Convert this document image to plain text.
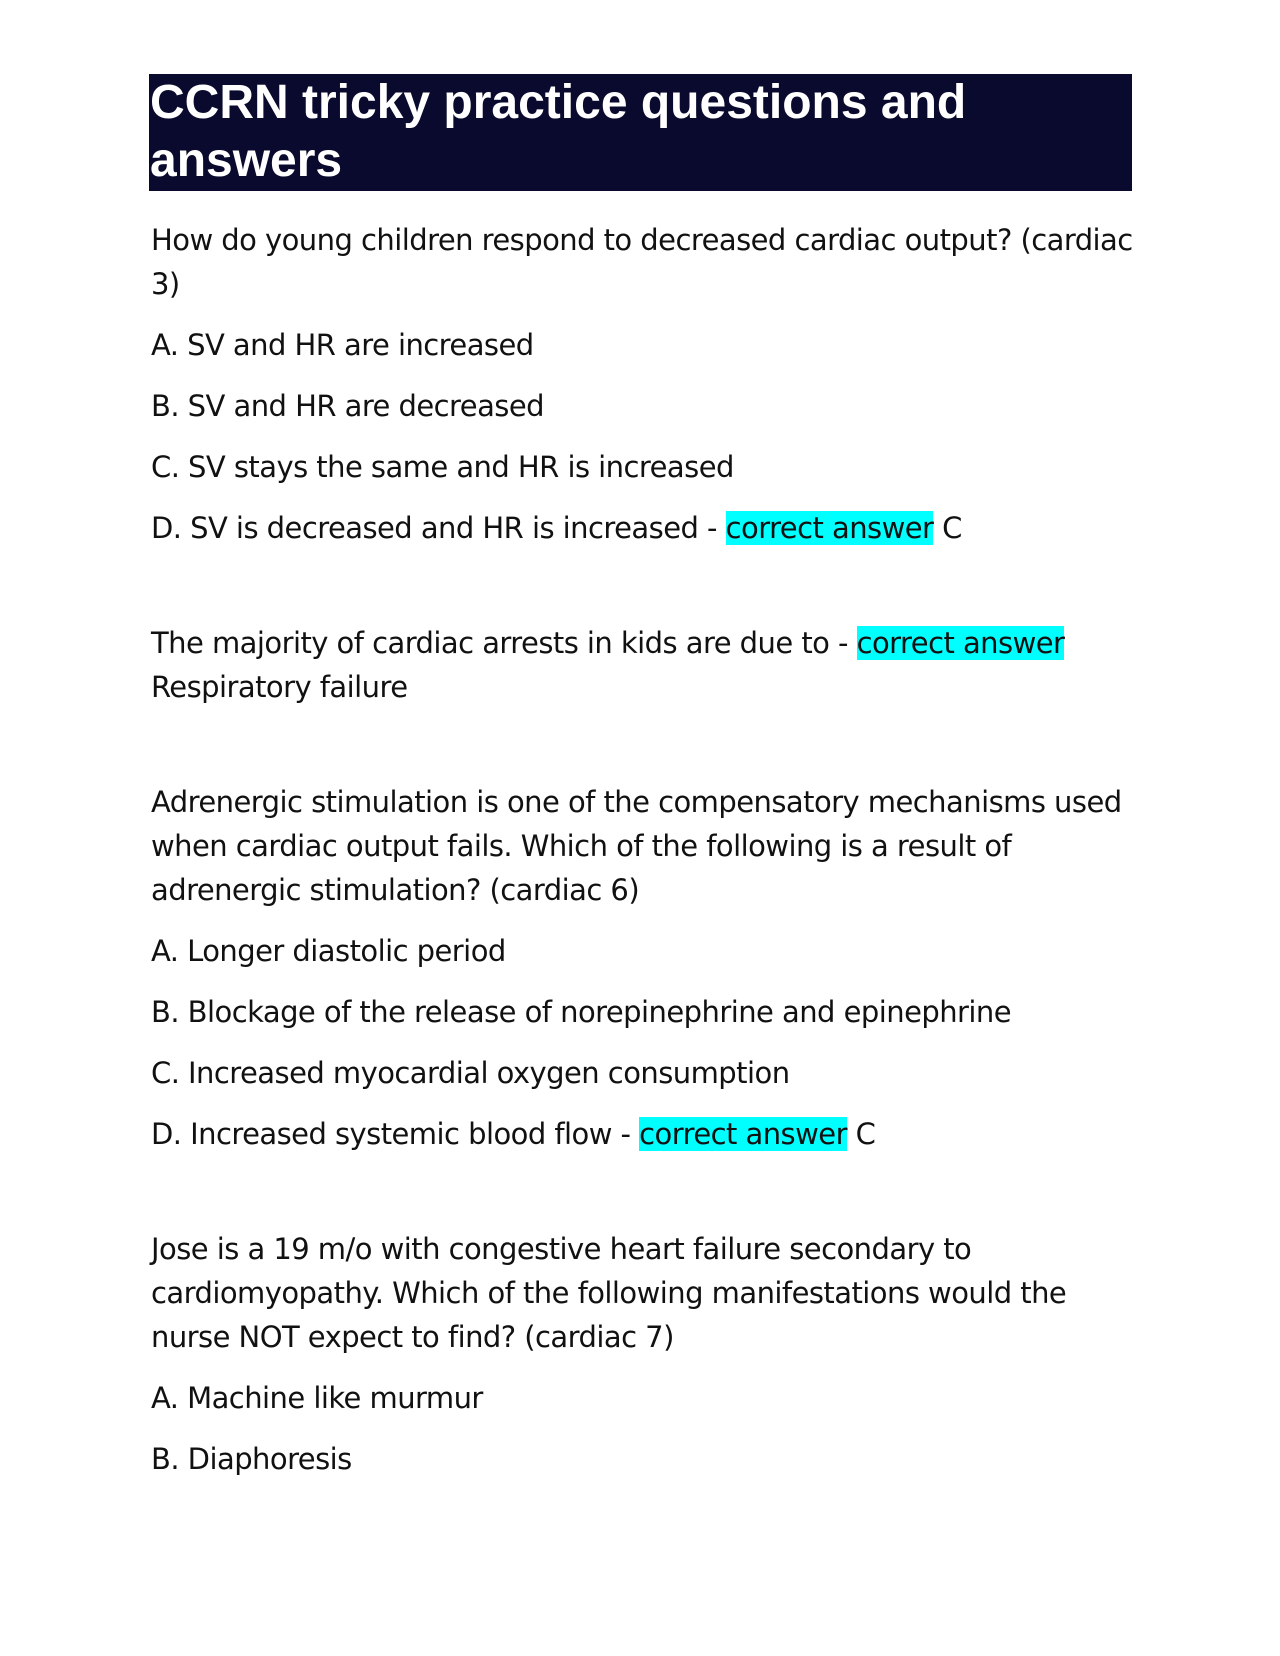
CCRN tricky practice questions and answers

How do young children respond to decreased cardiac output? (cardiac 3)

A. SV and HR are increased

B. SV and HR are decreased

C. SV stays the same and HR is increased

D. SV is decreased and HR is increased - correct answer C

The majority of cardiac arrests in kids are due to - correct answer Respiratory failure

Adrenergic stimulation is one of the compensatory mechanisms used when cardiac output fails. Which of the following is a result of adrenergic stimulation? (cardiac 6)

A. Longer diastolic period

B. Blockage of the release of norepinephrine and epinephrine

C. Increased myocardial oxygen consumption

D. Increased systemic blood flow - correct answer C

Jose is a 19 m/o with congestive heart failure secondary to cardiomyopathy. Which of the following manifestations would the nurse NOT expect to find? (cardiac 7)

A. Machine like murmur

B. Diaphoresis
